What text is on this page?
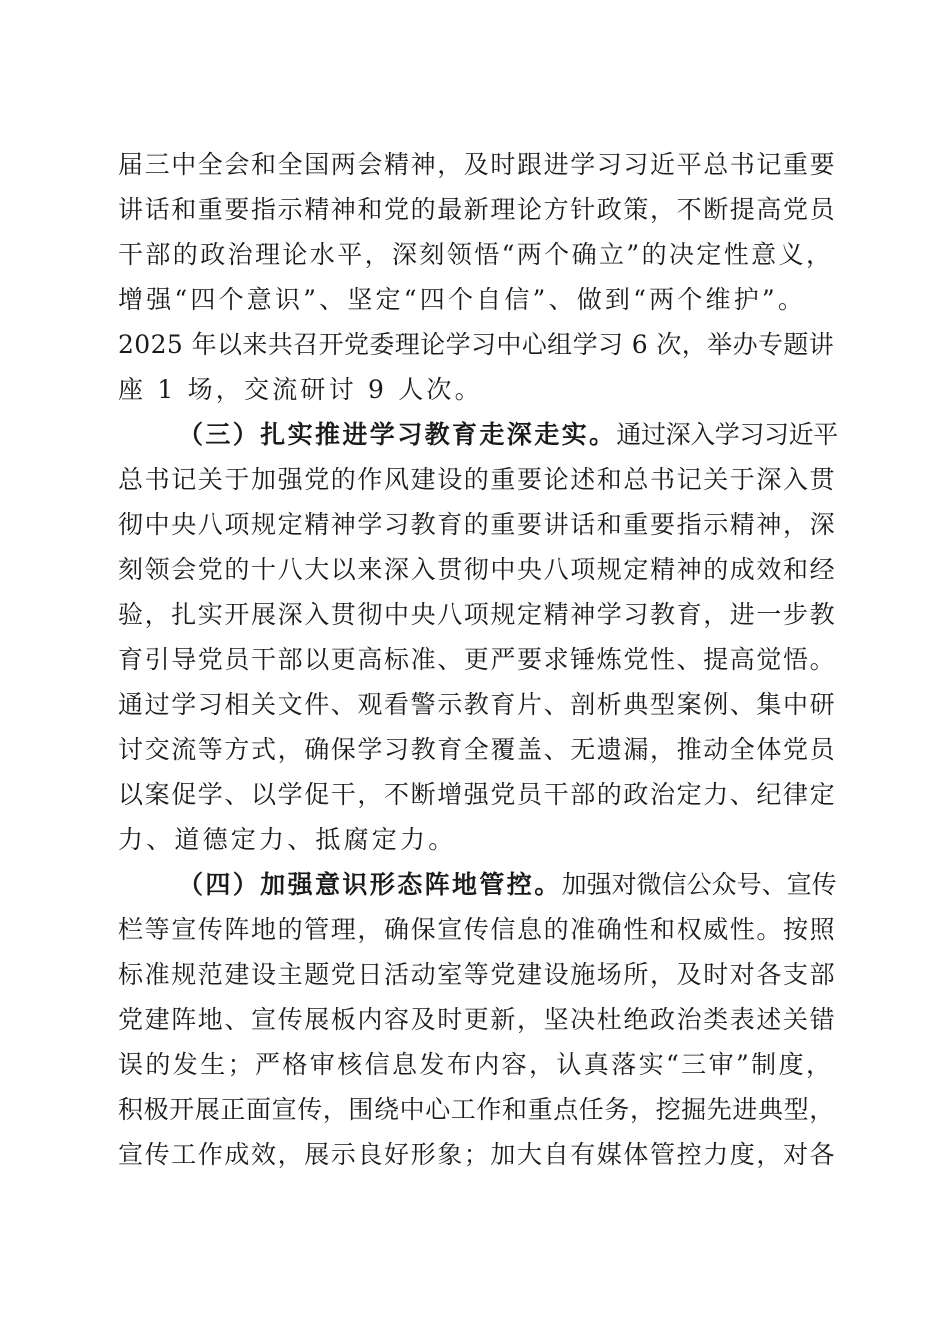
届三中全会和全国两会精神，及时跟进学习习近平总书记重要
讲话和重要指示精神和党的最新理论方针政策，不断提高党员
干部的政治理论水平，深刻领悟“两个确立”的决定性意义，
增强“四个意识”、坚定“四个自信”、做到“两个维护”。
2025 年以来共召开党委理论学习中心组学习 6 次，举办专题讲
座 1 场，交流研讨 9 人次。
（三）扎实推进学习教育走深走实。通过深入学习习近平
总书记关于加强党的作风建设的重要论述和总书记关于深入贯
彻中央八项规定精神学习教育的重要讲话和重要指示精神，深
刻领会党的十八大以来深入贯彻中央八项规定精神的成效和经
验，扎实开展深入贯彻中央八项规定精神学习教育，进一步教
育引导党员干部以更高标准、更严要求锤炼党性、提高觉悟。
通过学习相关文件、观看警示教育片、剖析典型案例、集中研
讨交流等方式，确保学习教育全覆盖、无遗漏，推动全体党员
以案促学、以学促干，不断增强党员干部的政治定力、纪律定
力、道德定力、抵腐定力。
（四）加强意识形态阵地管控。加强对微信公众号、宣传
栏等宣传阵地的管理，确保宣传信息的准确性和权威性。按照
标准规范建设主题党日活动室等党建设施场所，及时对各支部
党建阵地、宣传展板内容及时更新，坚决杜绝政治类表述关错
误的发生；严格审核信息发布内容，认真落实“三审”制度，
积极开展正面宣传，围绕中心工作和重点任务，挖掘先进典型，
宣传工作成效，展示良好形象；加大自有媒体管控力度，对各
